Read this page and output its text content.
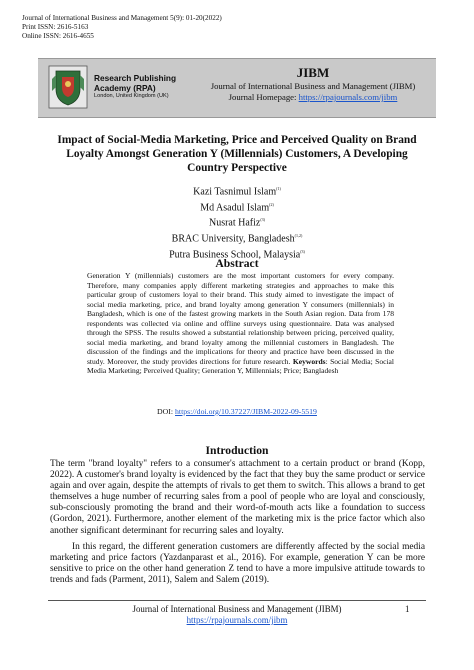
Journal of International Business and Management 5(9): 01-20(2022)
Print ISSN: 2616-5163
Online ISSN: 2616-4655
Research Publishing
Academy (RPA)
London, United Kingdom (UK)
JIBM
Journal of International Business and Management (JIBM)
Journal Homepage: https://rpajournals.com/jibm
Impact of Social-Media Marketing, Price and Perceived Quality on Brand Loyalty Amongst Generation Y (Millennials) Customers, A Developing Country Perspective
Kazi Tasnimul Islam$^{(1)}$
Md Asadul Islam$^{(2)}$
Nusrat Hafiz$^{(3)}$
BRAC University, Bangladesh$^{(1,2)}$
Putra Business School, Malaysia$^{(3)}$
Abstract
Generation Y (millennials) customers are the most important customers for every company. Therefore, many companies apply different marketing strategies and approaches to make this particular group of customers loyal to their brand. This study aimed to investigate the impact of social media marketing, price, and brand loyalty among generation Y consumers (millennials) in Bangladesh, which is one of the fastest growing markets in the South Asian region. Data from 178 respondents was collected via online and offline surveys using questionnaire. Data was analysed through the SPSS. The results showed a substantial relationship between pricing, perceived quality, social media marketing, and brand loyalty among the millennial customers in Bangladesh. The discussion of the findings and the implications for theory and practice have been discussed in the study. Moreover, the study provides directions for future research. Keywords: Social Media; Social Media Marketing; Perceived Quality; Generation Y, Millennials; Price; Bangladesh
DOI: https://doi.org/10.37227/JIBM-2022-09-5519
Introduction

The term "brand loyalty" refers to a consumer's attachment to a certain product or brand (Kopp, 2022). A customer's brand loyalty is evidenced by the fact that they buy the same product or service again and over again, despite the attempts of rivals to get them to switch. This allows a brand to get themselves a huge number of recurring sales from a pool of people who are loyal and consciously, sub-consciously promoting the brand and their word-of-mouth acts like a foundation to success (Gordon, 2021). Furthermore, another element of the marketing mix is the price factor which also another significant determinant for recurring sales and loyalty.

In this regard, the different generation customers are differently affected by the social media marketing and price factors (Yazdanparast et al., 2016). For example, generation Y can be more sensitive to price on the other hand generation Z tend to have a more impulsive attitude towards to trends and fads (Parment, 2011), Salem and Salem (2019).

Journal of International Business and Management (JIBM)
https://rpajournals.com/jibm
1
